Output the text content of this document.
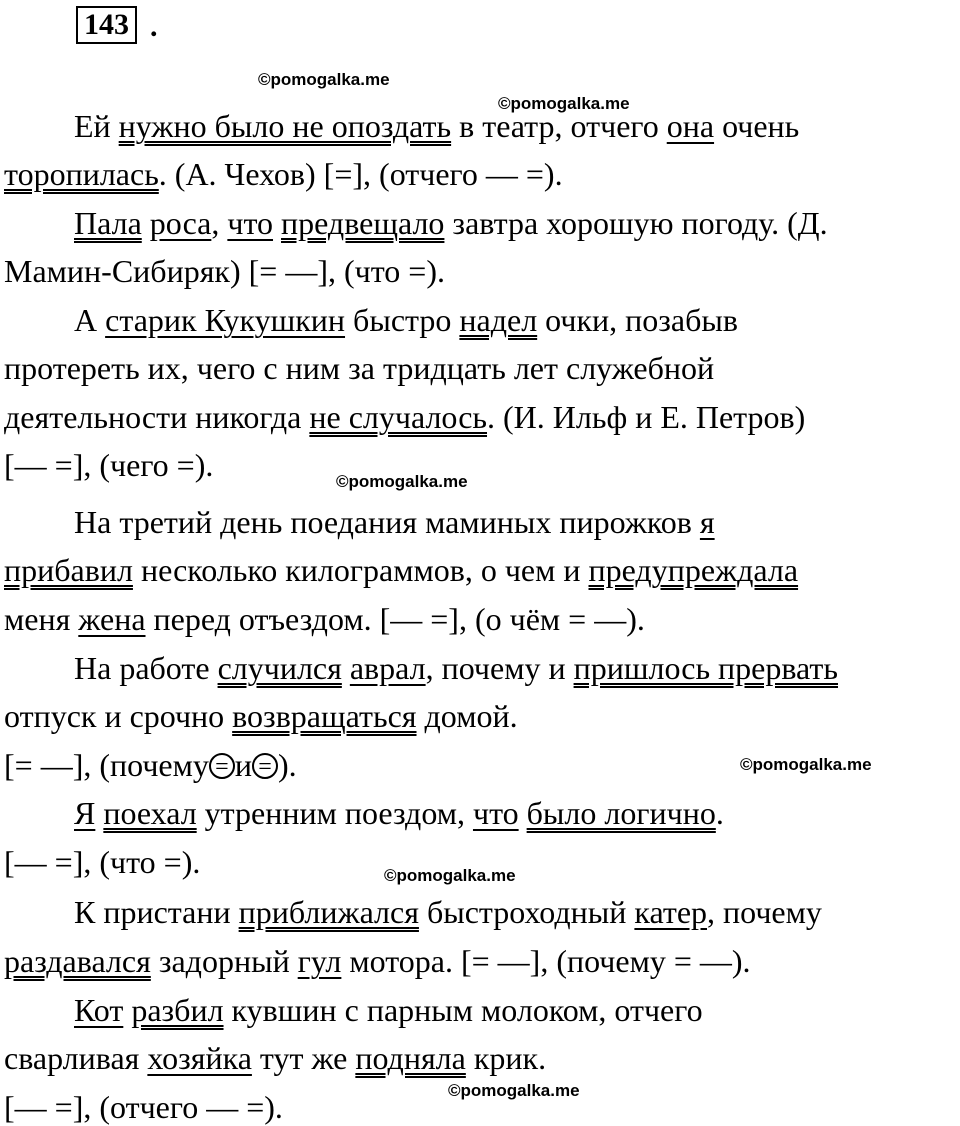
143 .
©pomogalka.me
©pomogalka.me
©pomogalka.me
©pomogalka.me
©pomogalka.me
©pomogalka.me
Ей нужно было не опоздать в театр, отчего она очень
торопилась. (А. Чехов) [=], (отчего — =).
Пала роса, что предвещало завтра хорошую погоду. (Д.
Мамин-Сибиряк) [= —], (что =).
А старик Кукушкин быстро надел очки, позабыв
протереть их, чего с ним за тридцать лет служебной
деятельности никогда не случалось. (И. Ильф и Е. Петров)
[— =], (чего =).
На третий день поедания маминых пирожков я
прибавил несколько килограммов, о чем и предупреждала
меня жена перед отъездом. [— =], (о чём = —).
На работе случился аврал, почему и пришлось прервать
отпуск и срочно возвращаться домой.
[= —], (почему = и = ).
Я поехал утренним поездом, что было логично.
[— =], (что =).
К пристани приближался быстроходный катер, почему
раздавался задорный гул мотора. [= —], (почему = —).
Кот разбил кувшин с парным молоком, отчего
сварливая хозяйка тут же подняла крик.
[— =], (отчего — =).
